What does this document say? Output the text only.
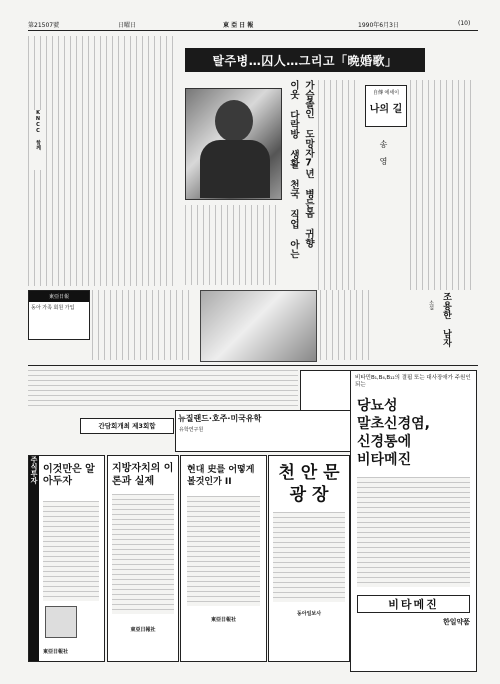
第21507號	日曜日	東 亞 日 報	1990年6月3日	(10)
KNCC 함께
탈주병…囚人…그리고「晩婚歌」
가슴졸인 도망자7년 병든몸 귀향
이웃 다락방 생활 천국 직업 아는	自傳 에세이
나의 길
송 영
東亞日報
동아 가족 회원 가입	조용한 남자
소설
뉴질랜드·호주·미국유학
유학연구원
간담회개최 제3회합
비타민B₁,B₆,B₁₂의 결핍 또는 대사장애가 주원인되는
당뇨성
말초신경염,
신경통에
비타메진
비타메진
한일약품
주식투자 이것만은 알아두자
東亞日報社
지방자치의 이론과 실제
東亞日報社
현대 史를 어떻게 볼것인가 II
東亞日報社
천 안 문 광 장
동아일보사
